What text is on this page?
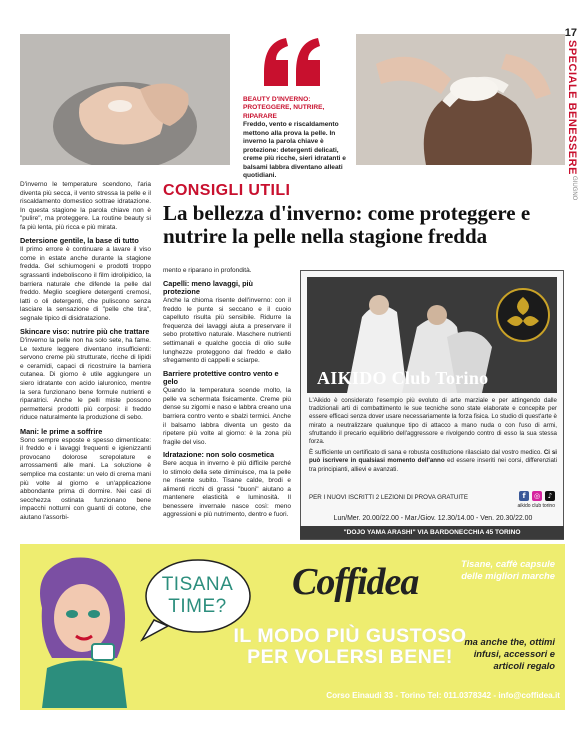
17
SPECIALE BENESSERE
GIUGNO
BEAUTY D'INVERNO: PROTEGGERE, NUTRIRE, RIPARARE
Freddo, vento e riscaldamento mettono alla prova la pelle. In inverno la parola chiave è protezione: detergenti delicati, creme più ricche, sieri idratanti e balsami labbra diventano alleati quotidiani.

D'inverno le temperature scendono, l'aria diventa più secca, il vento stressa la pelle e il riscaldamento domestico sottrae idratazione. In questa stagione la parola chiave non è "pulire", ma proteggere. La routine beauty si fa più lenta, più ricca e più mirata.

Detersione gentile, la base di tutto

Il primo errore è continuare a lavare il viso come in estate anche durante la stagione fredda. Gel schiumogeni e prodotti troppo sgrassanti indeboliscono il film idrolipidico, la barriera naturale che difende la pelle dal freddo. Meglio scegliere detergenti cremosi, latti o oli detergenti, che puliscono senza lasciare la sensazione di "pelle che tira", segnale tipico di disidratazione.

Skincare viso: nutrire più che trattare

D'inverno la pelle non ha solo sete, ha fame. Le texture leggere diventano insufficienti: servono creme più strutturate, ricche di lipidi e ceramidi, capaci di ricostruire la barriera cutanea. Di giorno è utile aggiungere un siero idratante con acido ialuronico, mentre la sera funzionano bene formule nutrienti e riparatrici. Anche le pelli miste possono permettersi prodotti più corposi: il freddo riduce naturalmente la produzione di sebo.

Mani: le prime a soffrire

Sono sempre esposte e spesso dimenticate: il freddo e i lavaggi frequenti e igienizzanti provocano dolorose screpolature e arrossamenti alle mani. La soluzione è semplice ma costante: un velo di crema mani più volte al giorno e un'applicazione abbondante prima di dormire. Nei casi di secchezza ostinata funzionano bene impacchi notturni con guanti di cotone, che aiutano l'assorbi-

CONSIGLI UTILI
La bellezza d'inverno: come proteggere e nutrire la pelle nella stagione fredda

mento e riparano in profondità.

Capelli: meno lavaggi, più protezione

Anche la chioma risente dell'inverno: con il freddo le punte si seccano e il cuoio capelluto risulta più sensibile. Ridurre la frequenza dei lavaggi aiuta a preservare il sebo protettivo naturale. Maschere nutrienti settimanali e qualche goccia di olio sulle lunghezze proteggono dal freddo e dallo sfregamento di cappelli e sciarpe.

Barriere protettive contro vento e gelo

Quando la temperatura scende molto, la pelle va schermata fisicamente. Creme più dense su zigomi e naso e labbra creano una barriera contro vento e sbalzi termici. Anche il balsamo labbra diventa un gesto da ripetere più volte al giorno: è la zona più fragile del viso.

Idratazione: non solo cosmetica

Bere acqua in inverno è più difficile perché lo stimolo della sete diminuisce, ma la pelle ne risente subito. Tisane calde, brodi e alimenti ricchi di grassi "buoni" aiutano a mantenere elasticità e luminosità. Il benessere invernale nasce così: meno aggressioni e più nutrimento, dentro e fuori.

AIKIDO Club Torino

L'Aikido è considerato l'esempio più evoluto di arte marziale e per attingendo dalle tradizionali arti di combattimento le sue tecniche sono state elaborate e concepite per essere efficaci senza dover usare necessariamente la forza fisica. Lo studio di quest'arte è mirato a neutralizzare qualunque tipo di attacco a mano nuda o con l'uso di armi, sfruttando il precario equilibrio dell'aggressore e rivolgendo contro di esso la sua stessa forza.

È sufficiente un certificato di sana e robusta costituzione rilasciato dal vostro medico. Ci si può iscrivere in qualsiasi momento dell'anno ed essere inseriti nei corsi, differenziati tra principianti, allievi e avanzati.

PER I NUOVI ISCRITTI 2 LEZIONI DI PROVA GRATUITE	f	◎	♪
aikido club torino
Lun/Mer. 20.00/22.00 - Mar./Giov. 12.30/14.00 - Ven. 20.30/22.00
"DOJO YAMA ARASHI" VIA BARDONECCHIA 45 TORINO
TISANA TIME?
Coffidea
IL MODO PIÙ GUSTOSO PER VOLERSI BENE!
Tisane, caffè capsule delle migliori marche
ma anche the, ottimi infusi, accessori e articoli regalo
Corso Einaudi 33 - Torino Tel: 011.0378342 - info@coffidea.it
